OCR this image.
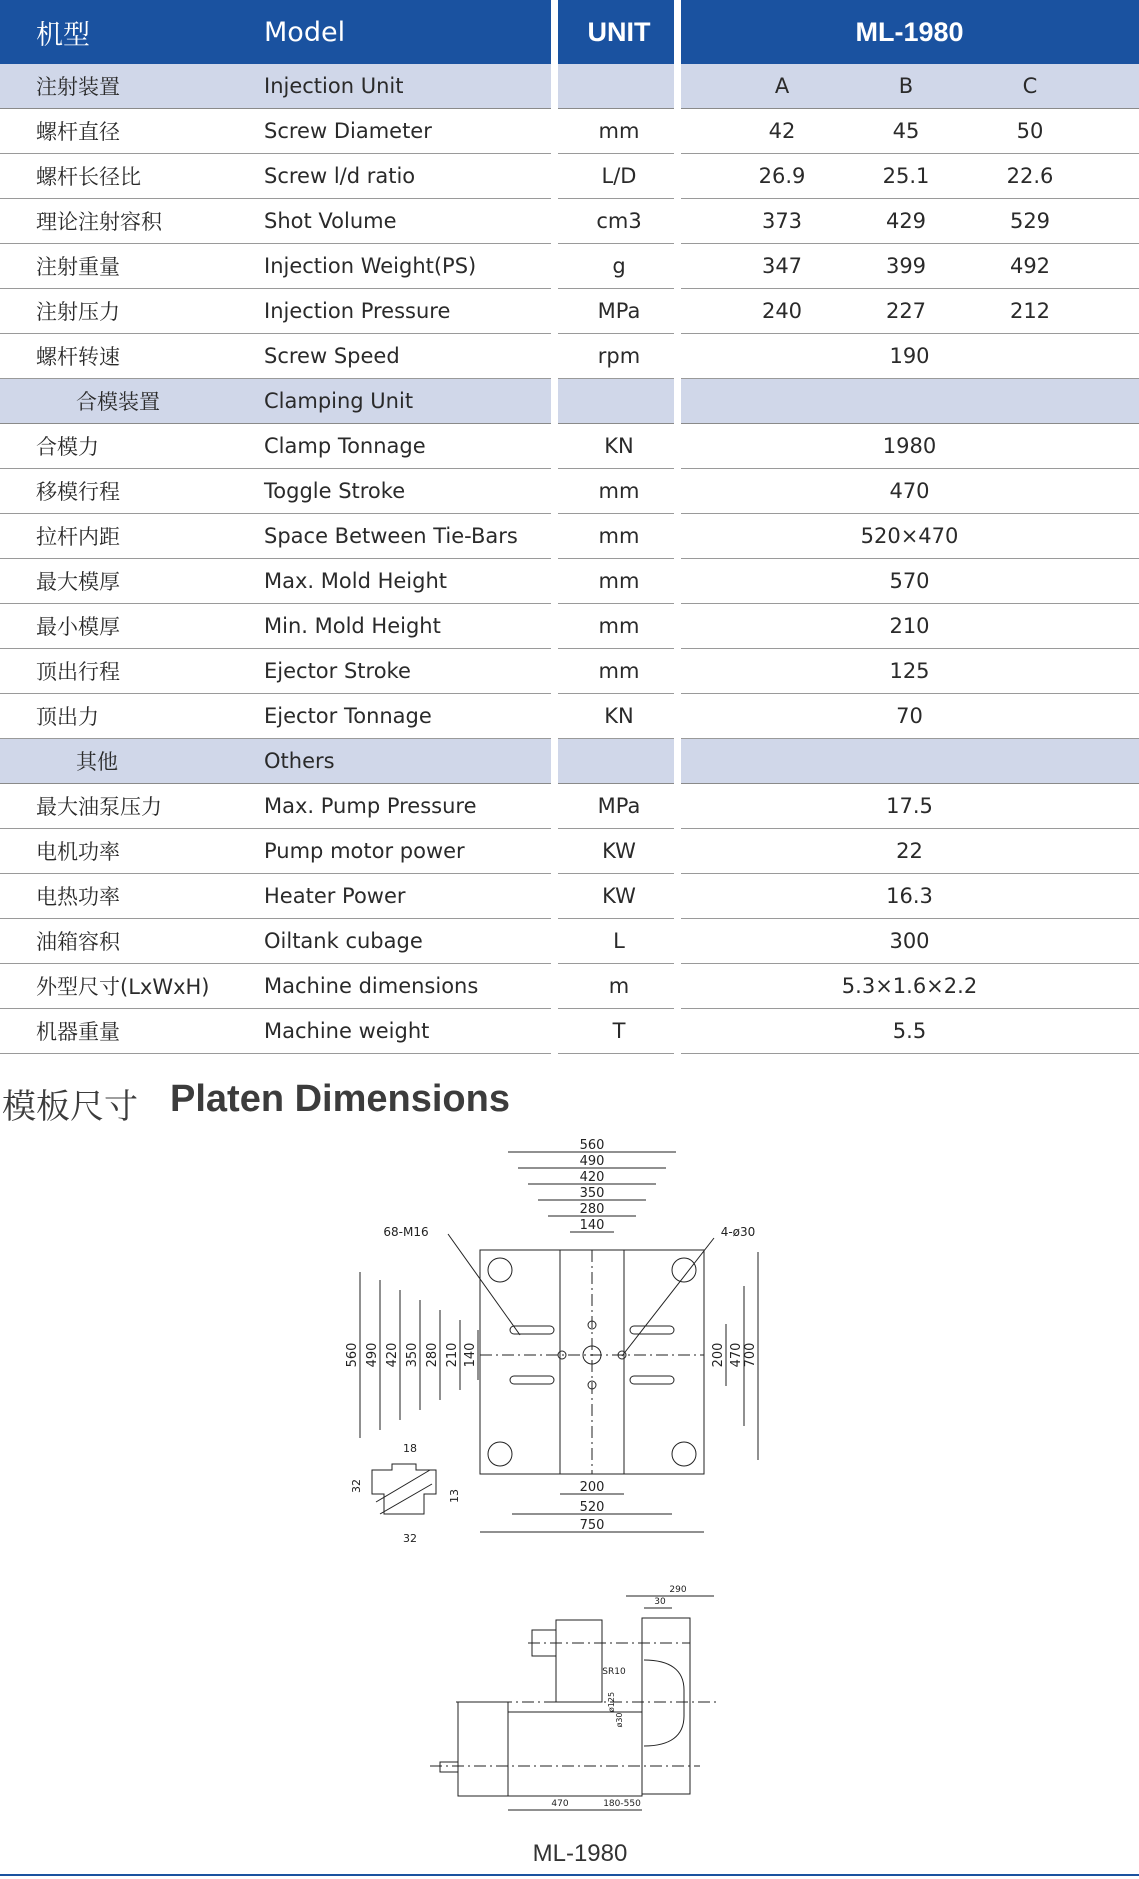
机型	Model	UNIT	ML-1980
注射装置	Injection Unit	A	B	C
螺杆直径	Screw Diameter	mm	42	45	50
螺杆长径比	Screw l/d ratio	L/D	26.9	25.1	22.6
理论注射容积	Shot Volume	cm3	373	429	529
注射重量	Injection Weight(PS)	g	347	399	492
注射压力	Injection Pressure	MPa	240	227	212
螺杆转速	Screw Speed	rpm	190
合模装置	Clamping Unit
合模力	Clamp Tonnage	KN	1980
移模行程	Toggle Stroke	mm	470
拉杆内距	Space Between Tie-Bars	mm	520×470
最大模厚	Max. Mold Height	mm	570
最小模厚	Min. Mold Height	mm	210
顶出行程	Ejector Stroke	mm	125
顶出力	Ejector Tonnage	KN	70
其他	Others
最大油泵压力	Max. Pump Pressure	MPa	17.5
电机功率	Pump motor power	KW	22
电热功率	Heater Power	KW	16.3
油箱容积	Oiltank cubage	L	300
外型尺寸(LxWxH)	Machine dimensions	m	5.3×1.6×2.2
机器重量	Machine weight	T	5.5
模板尺寸 Platen Dimensions
560
490
420
350
280
140
560 490 420 350 280 210 140	200 470 700
200
520
750
68-M16	4-ø30
18
32
13
32
290
30
SR10
ø125
ø30
470	180-550
ML-1980
